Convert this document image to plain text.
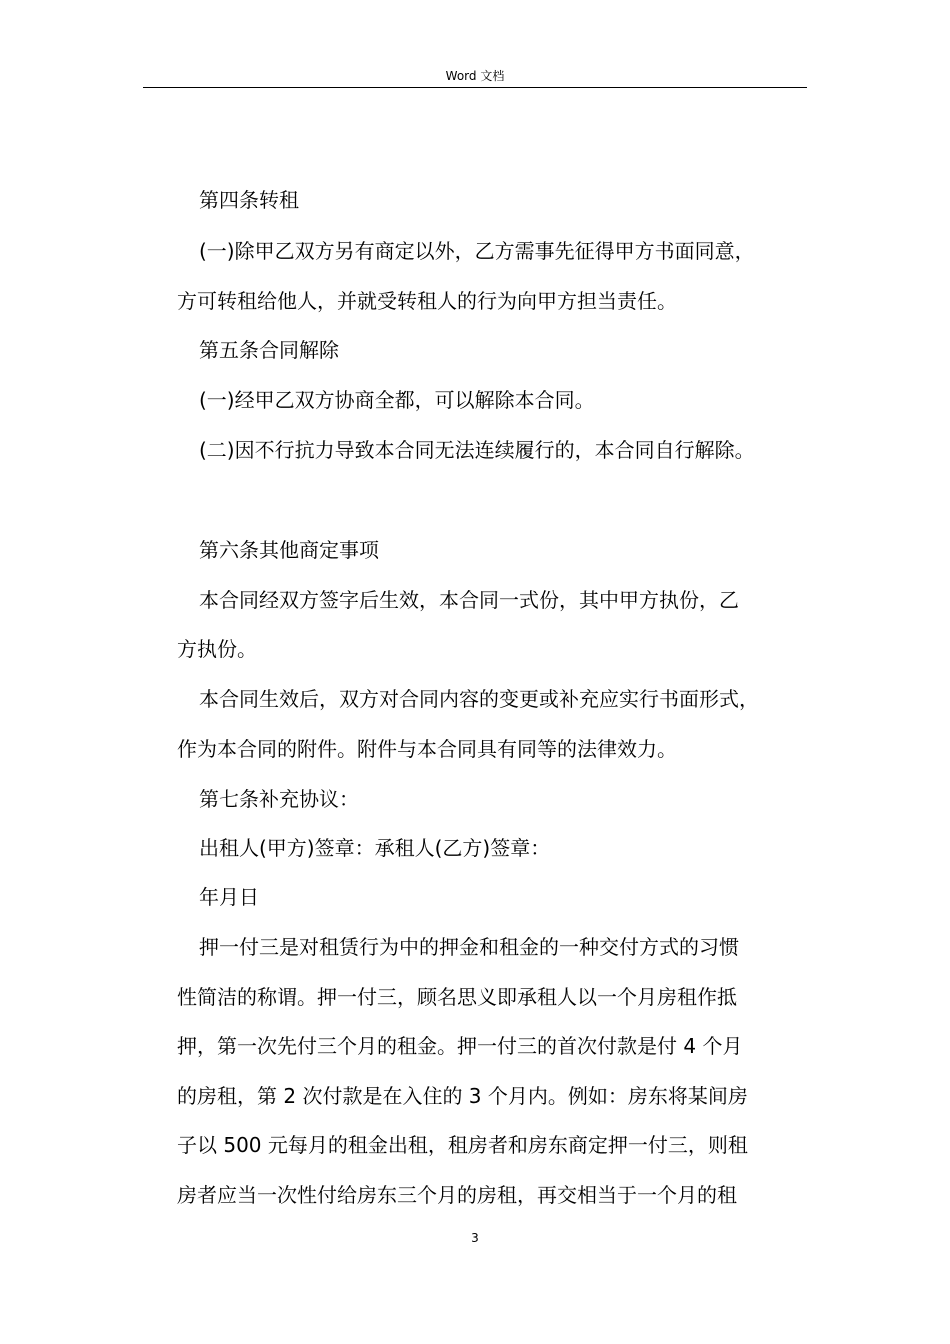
Word 文档

第四条转租

(一)除甲乙双方另有商定以外，乙方需事先征得甲方书面同意，

方可转租给他人，并就受转租人的行为向甲方担当责任。

第五条合同解除

(一)经甲乙双方协商全都，可以解除本合同。

(二)因不行抗力导致本合同无法连续履行的，本合同自行解除。

第六条其他商定事项

本合同经双方签字后生效，本合同一式份，其中甲方执份，乙

方执份。

本合同生效后，双方对合同内容的变更或补充应实行书面形式，

作为本合同的附件。附件与本合同具有同等的法律效力。

第七条补充协议：

出租人(甲方)签章：承租人(乙方)签章：

年月日

押一付三是对租赁行为中的押金和租金的一种交付方式的习惯

性简洁的称谓。押一付三，顾名思义即承租人以一个月房租作抵

押，第一次先付三个月的租金。押一付三的首次付款是付 4 个月

的房租，第 2 次付款是在入住的 3 个月内。例如：房东将某间房

子以 500 元每月的租金出租，租房者和房东商定押一付三，则租

房者应当一次性付给房东三个月的房租，再交相当于一个月的租

3
